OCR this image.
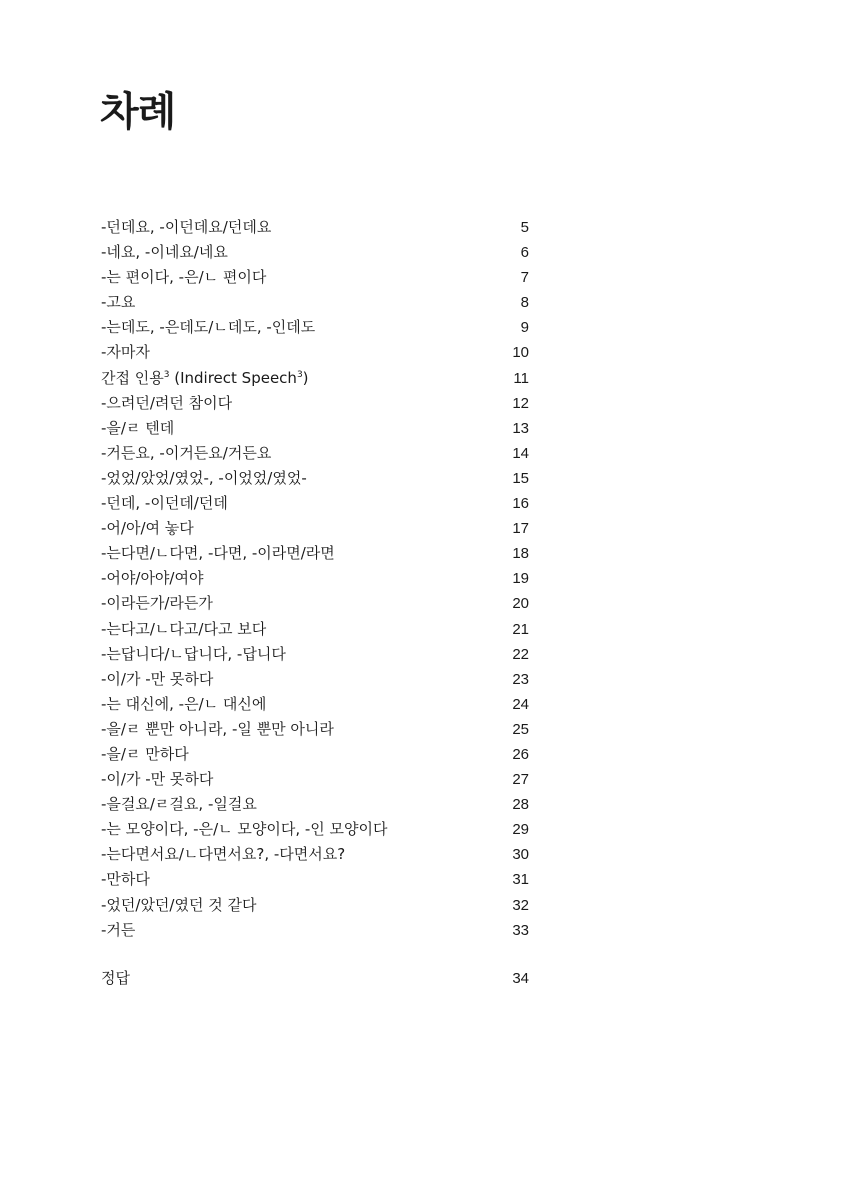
차례
-던데요, -이던데요/던데요	5
-네요, -이네요/네요	6
-는 편이다, -은/ㄴ 편이다	7
-고요	8
-는데도, -은데도/ㄴ데도, -인데도	9
-자마자	10
간접 인용$^3$ (Indirect Speech$^3$)	11
-으려던/려던 참이다	12
-을/ㄹ 텐데	13
-거든요, -이거든요/거든요	14
-었었/았었/였었-, -이었었/였었-	15
-던데, -이던데/던데	16
-어/아/여 놓다	17
-는다면/ㄴ다면, -다면, -이라면/라면	18
-어야/아야/여야	19
-이라든가/라든가	20
-는다고/ㄴ다고/다고 보다	21
-는답니다/ㄴ답니다, -답니다	22
-이/가 -만 못하다	23
-는 대신에, -은/ㄴ 대신에	24
-을/ㄹ 뿐만 아니라, -일 뿐만 아니라	25
-을/ㄹ 만하다	26
-이/가 -만 못하다	27
-을걸요/ㄹ걸요, -일걸요	28
-는 모양이다, -은/ㄴ 모양이다, -인 모양이다	29
-는다면서요/ㄴ다면서요?, -다면서요?	30
-만하다	31
-었던/았던/였던 것 같다	32
-거든	33
정답	34
